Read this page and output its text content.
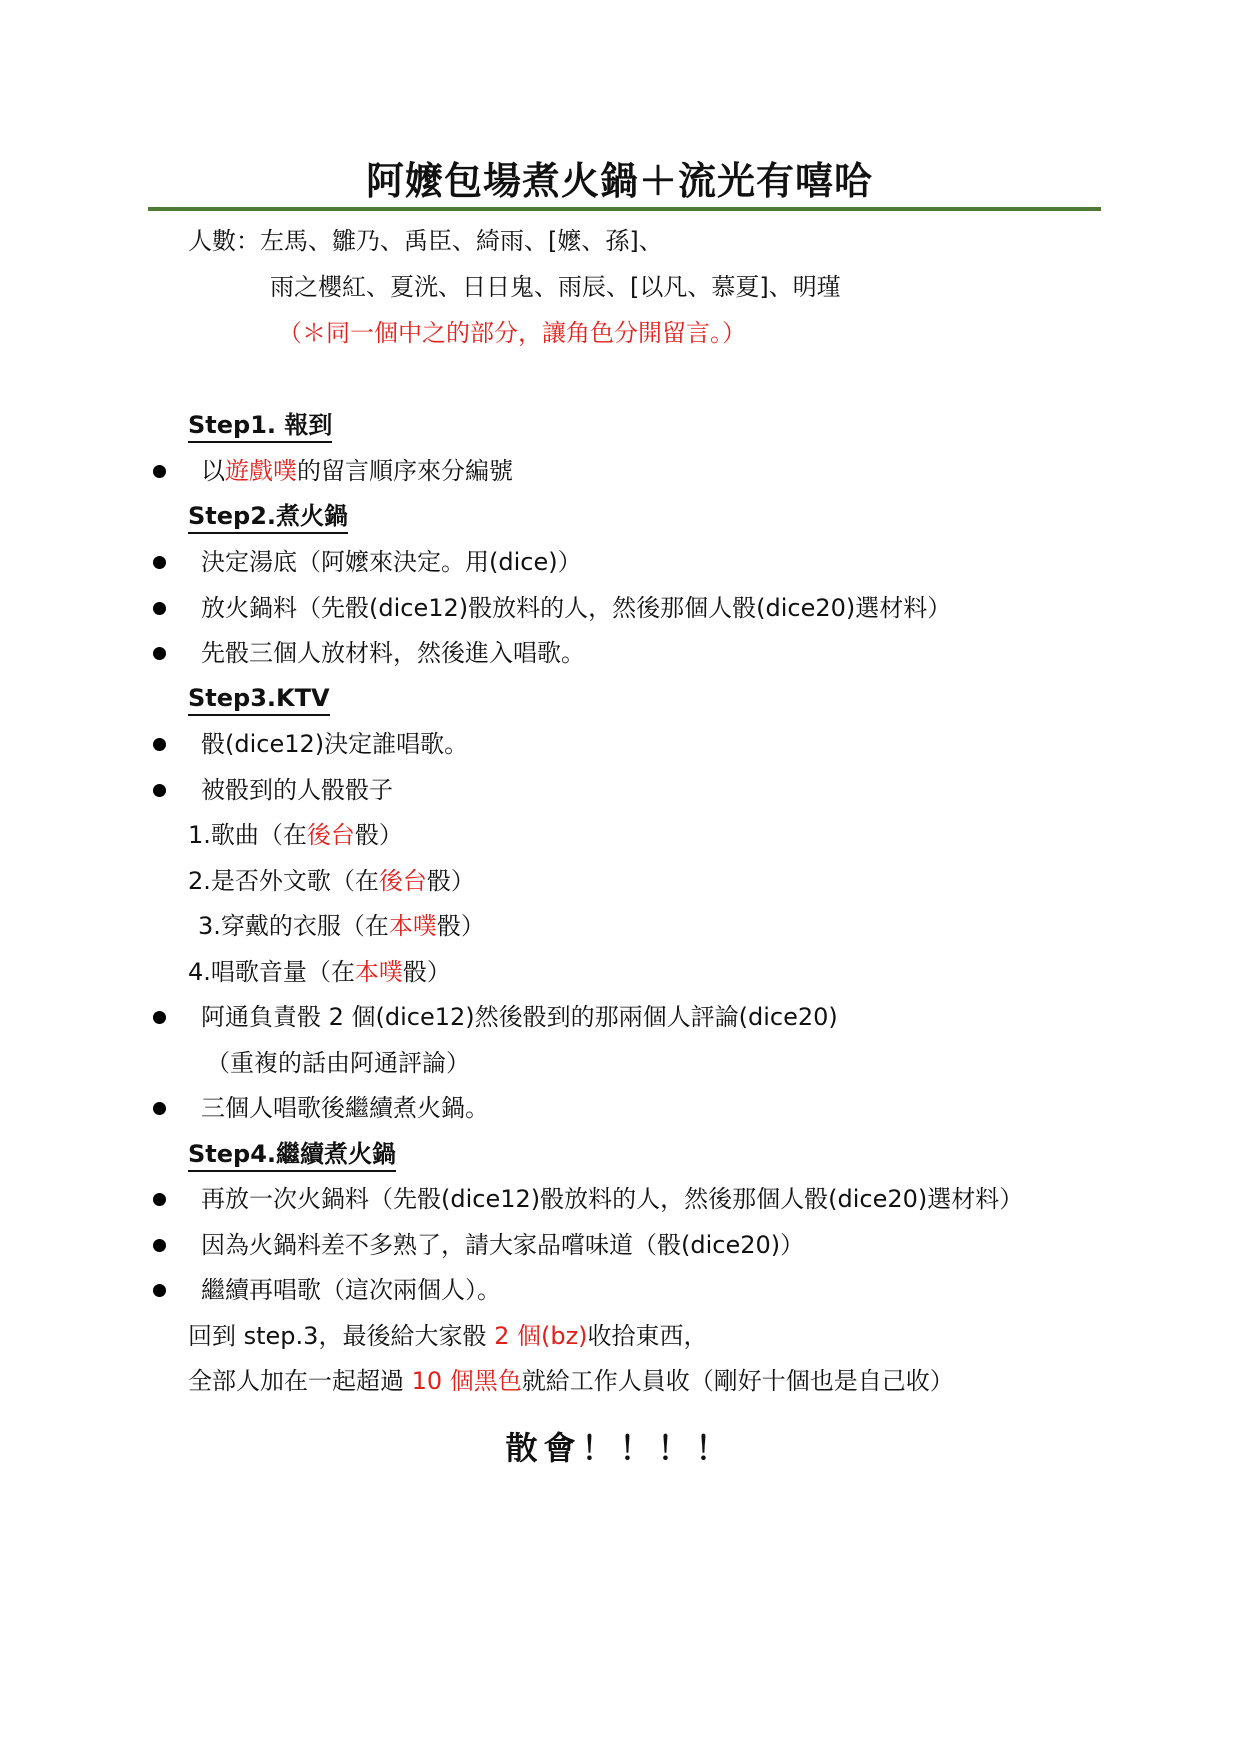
阿嬤包場煮火鍋＋流光有嘻哈
人數：左馬、雛乃、禹臣、綺雨、[嬤、孫]、
雨之櫻紅、夏洸、日日鬼、雨辰、[以凡、慕夏]、明瑾
（＊同一個中之的部分，讓角色分開留言。）
Step1. 報到
以遊戲噗的留言順序來分編號
Step2.煮火鍋
決定湯底（阿嬤來決定。用(dice)）
放火鍋料（先骰(dice12)骰放料的人，然後那個人骰(dice20)選材料）
先骰三個人放材料，然後進入唱歌。
Step3.KTV
骰(dice12)決定誰唱歌。
被骰到的人骰骰子
1.歌曲（在後台骰）
2.是否外文歌（在後台骰）
3.穿戴的衣服（在本噗骰）
4.唱歌音量（在本噗骰）
阿通負責骰 2 個(dice12)然後骰到的那兩個人評論(dice20)
（重複的話由阿通評論）
三個人唱歌後繼續煮火鍋。
Step4.繼續煮火鍋
再放一次火鍋料（先骰(dice12)骰放料的人，然後那個人骰(dice20)選材料）
因為火鍋料差不多熟了，請大家品嚐味道（骰(dice20)）
繼續再唱歌（這次兩個人）。
回到 step.3，最後給大家骰 2 個(bz)收拾東西，
全部人加在一起超過 10 個黑色就給工作人員收（剛好十個也是自己收）
散會！！！！
